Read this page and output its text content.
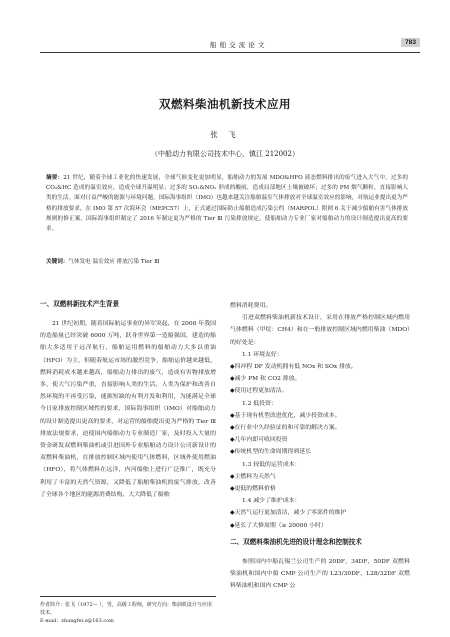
船 舶 交 流 论 文	783
双燃料柴油机新技术应用
张 飞
（中船动力有限公司技术中心，镇江 212002）
摘要：21 世纪，随着全球工业化的快速发展，全球气候变化更加明显，船舶动力的发展 MDO&HFO 液态燃料排出的废气进入大气中，过多的 CO₂&HC 造成的温室效应，造成全球升温明显；过多的 SOₓ&NOₓ 形成的酸雨，造成局部地区土壤被破坏；过多的 PM 烟气颗粒，直接影响人类的生活。面对日益严峻的能源与环境问题，国际海事组织（IMO）也越来越关注船舶温室气体排放对全球温室效应的影响，对航运业提出更为严格的排放要求，在 IMO 第 57 次海环会（MEPC57）上，正式通过国际防止船舶造成污染公约（MARPOL）附则 6 关于减少船舶有害气体排放规则的修正案，国际海事组织制定了 2016 年制定更为严格的 Tier Ⅲ 污染排放规定，使船舶动力专业厂家对船舶动力的设计制造提出更高的要求。
关键词：气体发电 温室效应 排放污染 Tier Ⅲ
一、双燃料新技术产生背景

21 世纪初期，随着国际航运事业的异军突起，在 2008 年我国的造船量已经突破 6000 万吨，跃身世界第一造船强国，建造的船舶大多适用于远洋航行，船舶运用燃料的船舶动力大多以重油（HFO）为主，但随着航运市场的激烈竞争，船舶运价越来越低，燃料消耗成本越来越高，船舶动力排出的废气，造成有害物排放增多，使大气污染严重，直接影响人类的生活，人类为保护和改善自然环境的不再受污染，能源短缺的有利开发和利用，为能满足全球今日家排放控制区域性的要求，国际海事组织（IMO）对船舶动力的设计制造提出更高的要求，对运营的船舶提出更为严格的 Tier Ⅲ 排放法规要求，迫使国内船舶动力专业制造厂家，及时投入大量的资金研发双燃料柴油机或引进国外专业船舶动力设计公司新设计的双燃料柴油机，在排放控制区域内使用气体燃料，区域外使用燃油（HFO），将气体燃料在远洋，内河船舶上进行广泛推广，既充分利用了丰富的天然气资源，又降低了船舶柴油机的废气排放，改善了全球各个地区的能源消费结构，大大降低了船舶

燃料消耗费用。

引进双燃料柴油机新技术设计，采用在排放严格控制区域内燃用气体燃料（甲烷：CH4）和在一般排放控制区域内燃用柴油（MDO）的好处是：

1.1 环境友好：

◆四冲程 DF 发动机拥有低 NOx 和 SOx 排放。

◆减少 PM 和 CO2 排放。

◆使用过程更加清洁。

1.2 低投资：

◆基于现有机型改进优化，减少投资成本。

◆在行业中久经验证的和可靠的解决方案。

◆几年内即可收回投资

◆传统机型的生命周期得到延长

1.3 较低的运营成本：

◆主燃料为天然气

◆更低的燃料价格

1.4 减少了维护成本：

◆天然气运行更加清洁，减少了零部件的维护

◆延长了大修周期（≥ 20000 小时）

二、双燃料柴油机先进的设计理念和控制技术

参照国内中船瓦锡兰公司生产的 20DF，34DF，50DF 双燃料柴油机和国内中船 CMP 公司生产的 L23/30DF，L28/32DF 双燃料柴油机和国内 CMP 公

作者简介：张飞（1972— ），男，高级工程师，研究方向：柴油机设计与应用技术。
E-mail：zhangfei.z@163.com
